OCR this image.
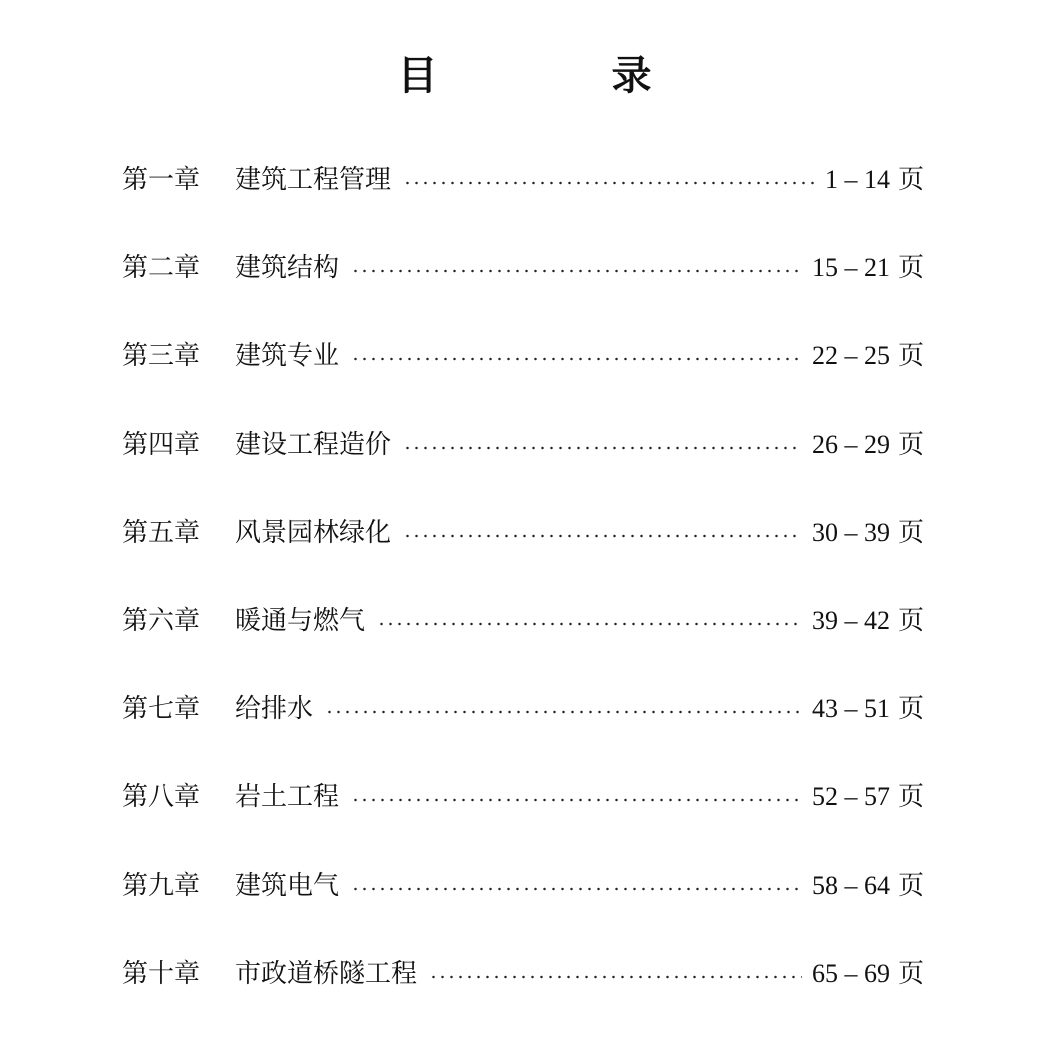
目 录
第一章	建筑工程管理	1 – 14 页
第二章	建筑结构	15 – 21 页
第三章	建筑专业	22 – 25 页
第四章	建设工程造价	26 – 29 页
第五章	风景园林绿化	30 – 39 页
第六章	暖通与燃气	39 – 42 页
第七章	给排水	43 – 51 页
第八章	岩土工程	52 – 57 页
第九章	建筑电气	58 – 64 页
第十章	市政道桥隧工程	65 – 69 页
